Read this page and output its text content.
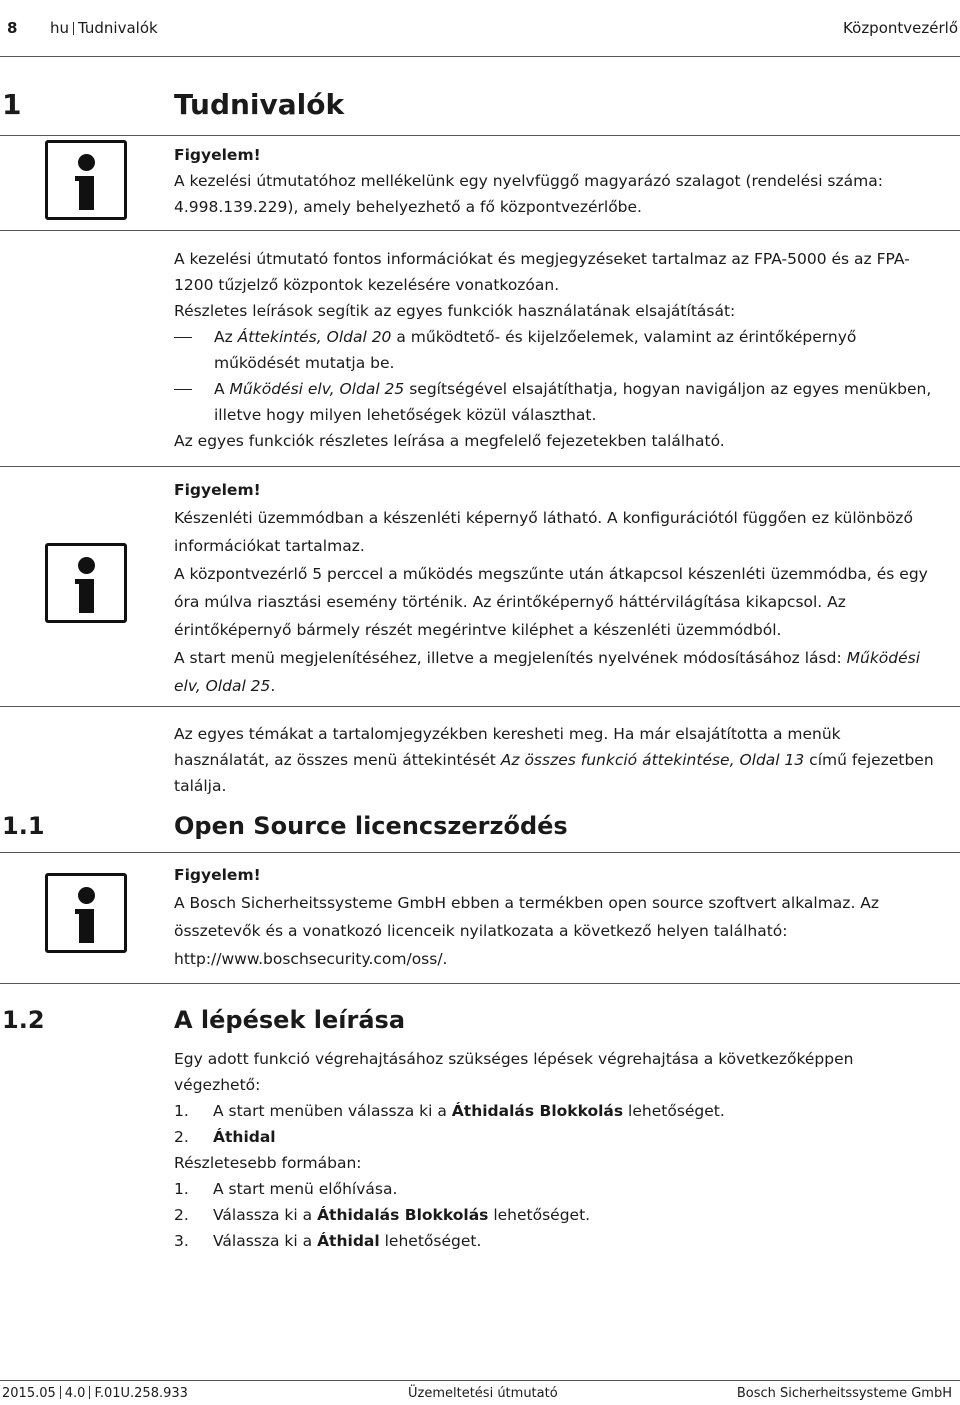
8 hu Tudnivalók	Központvezérlő
1	Tudnivalók

Figyelem!

A kezelési útmutatóhoz mellékelünk egy nyelvfüggő magyarázó szalagot (rendelési száma: 4.998.139.229), amely behelyezhető a fő központvezérlőbe.

A kezelési útmutató fontos információkat és megjegyzéseket tartalmaz az FPA-5000 és az FPA-1200 tűzjelző központok kezelésére vonatkozóan.

Részletes leírások segítik az egyes funkciók használatának elsajátítását:

Az Áttekintés, Oldal 20 a működtető- és kijelzőelemek, valamint az érintőképernyő működését mutatja be.

A Működési elv, Oldal 25 segítségével elsajátíthatja, hogyan navigáljon az egyes menükben, illetve hogy milyen lehetőségek közül választhat.

Az egyes funkciók részletes leírása a megfelelő fejezetekben található.

Figyelem!

Készenléti üzemmódban a készenléti képernyő látható. A konfigurációtól függően ez különböző információkat tartalmaz.

A központvezérlő 5 perccel a működés megszűnte után átkapcsol készenléti üzemmódba, és egy óra múlva riasztási esemény történik. Az érintőképernyő háttérvilágítása kikapcsol. Az érintőképernyő bármely részét megérintve kiléphet a készenléti üzemmódból.

A start menü megjelenítéséhez, illetve a megjelenítés nyelvének módosításához lásd: Működési elv, Oldal 25.

Az egyes témákat a tartalomjegyzékben keresheti meg. Ha már elsajátította a menük használatát, az összes menü áttekintését Az összes funkció áttekintése, Oldal 13 című fejezetben találja.

1.1	Open Source licencszerződés

Figyelem!

A Bosch Sicherheitssysteme GmbH ebben a termékben open source szoftvert alkalmaz. Az összetevők és a vonatkozó licenceik nyilatkozata a következő helyen található: http://www.boschsecurity.com/oss/.

1.2	A lépések leírása

Egy adott funkció végrehajtásához szükséges lépések végrehajtása a következőképpen végezhető:

1. A start menüben válassza ki a Áthidalás Blokkolás lehetőséget.

2. Áthidal

Részletesebb formában:

1. A start menü előhívása.

2. Válassza ki a Áthidalás Blokkolás lehetőséget.

3. Válassza ki a Áthidal lehetőséget.

2015.05 4.0 F.01U.258.933	Üzemeltetési útmutató	Bosch Sicherheitssysteme GmbH
